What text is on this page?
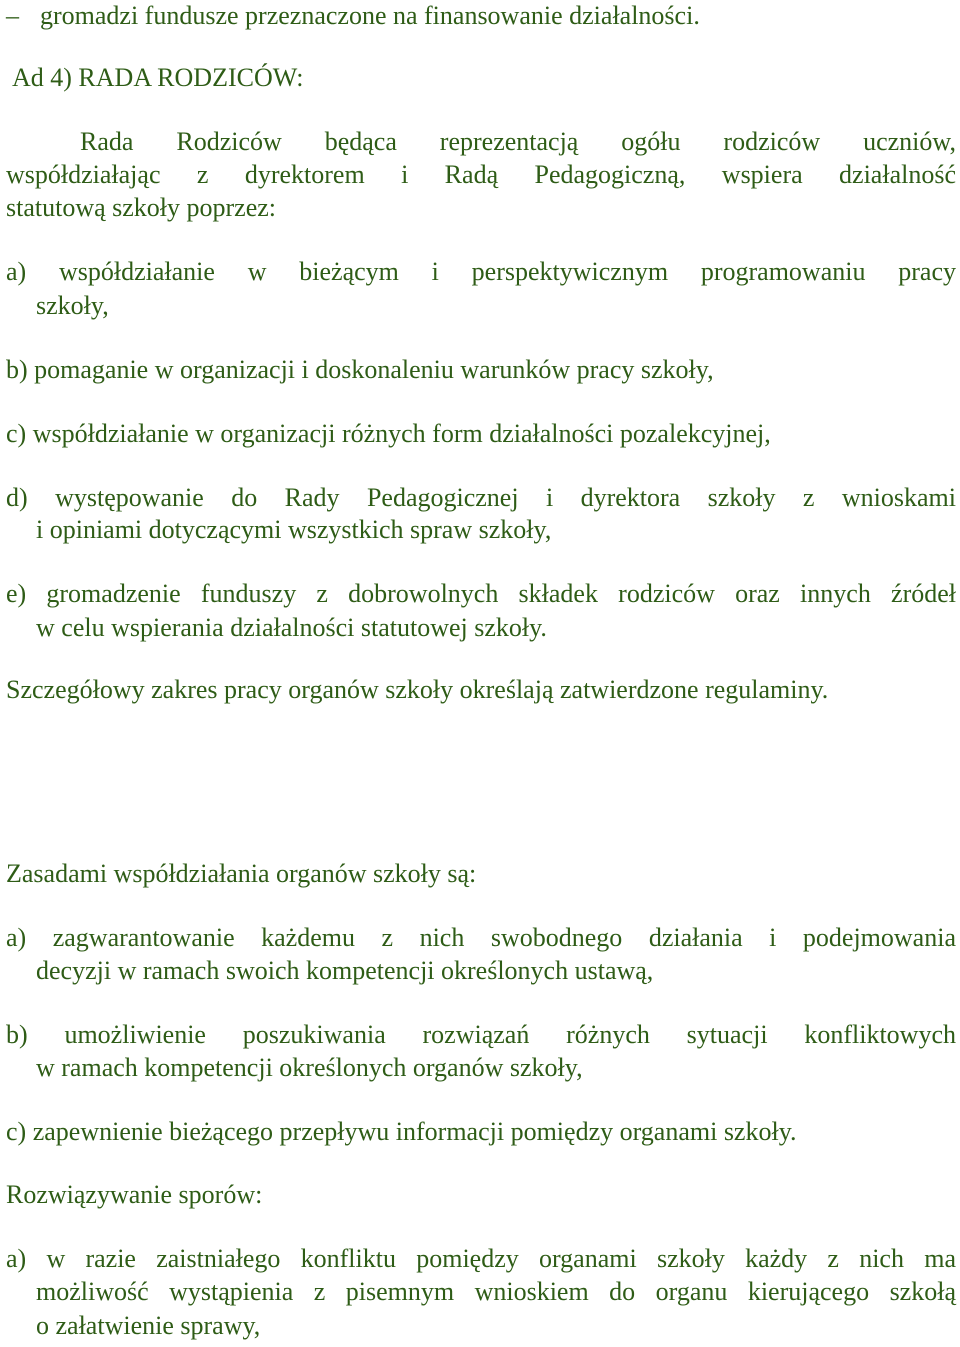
– gromadzi fundusze przeznaczone na finansowanie działalności.
Ad 4) RADA RODZICÓW:
Rada Rodziców będąca reprezentacją ogółu rodziców uczniów,
współdziałając z dyrektorem i Radą Pedagogiczną, wspiera działalność
statutową szkoły poprzez:
a) współdziałanie w bieżącym i perspektywicznym programowaniu pracy
szkoły,
b) pomaganie w organizacji i doskonaleniu warunków pracy szkoły,
c) współdziałanie w organizacji różnych form działalności pozalekcyjnej,
d) występowanie do Rady Pedagogicznej i dyrektora szkoły z wnioskami
i opiniami dotyczącymi wszystkich spraw szkoły,
e) gromadzenie funduszy z dobrowolnych składek rodziców oraz innych źródeł
w celu wspierania działalności statutowej szkoły.
Szczegółowy zakres pracy organów szkoły określają zatwierdzone regulaminy.
Zasadami współdziałania organów szkoły są:
a) zagwarantowanie każdemu z nich swobodnego działania i podejmowania
decyzji w ramach swoich kompetencji określonych ustawą,
b) umożliwienie poszukiwania rozwiązań różnych sytuacji konfliktowych
w ramach kompetencji określonych organów szkoły,
c) zapewnienie bieżącego przepływu informacji pomiędzy organami szkoły.
Rozwiązywanie sporów:
a) w razie zaistniałego konfliktu pomiędzy organami szkoły każdy z nich ma
możliwość wystąpienia z pisemnym wnioskiem do organu kierującego szkołą
o załatwienie sprawy,
